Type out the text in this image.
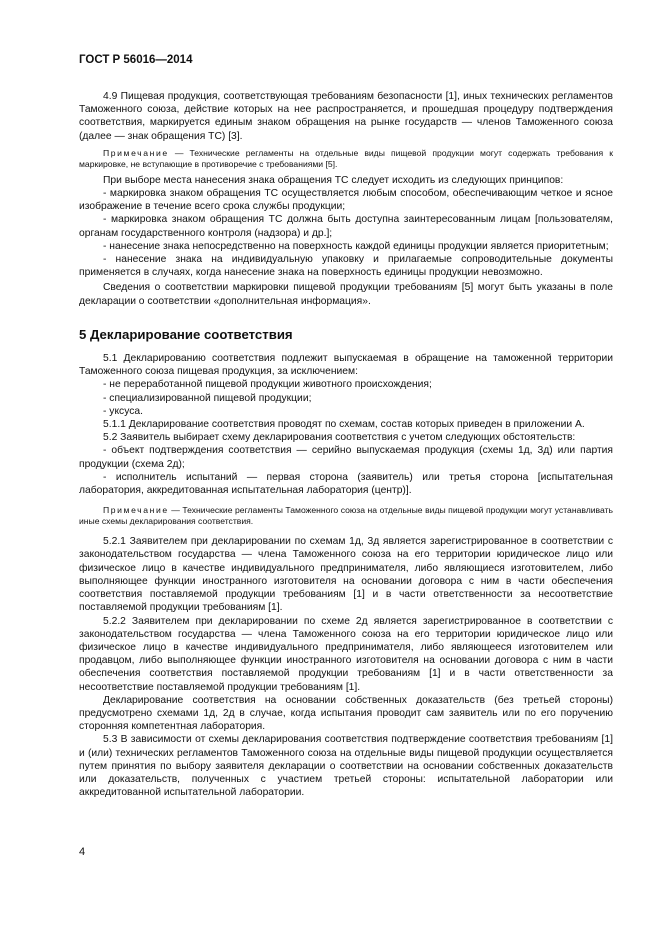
ГОСТ Р 56016—2014

4.9 Пищевая продукция, соответствующая требованиям безопасности [1], иных технических регламентов Таможенного союза, действие которых на нее распространяется, и прошедшая процедуру подтверждения соответствия, маркируется единым знаком обращения на рынке государств — членов Таможенного союза (далее — знак обращения ТС) [3].

Примечание — Технические регламенты на отдельные виды пищевой продукции могут содержать требования к маркировке, не вступающие в противоречие с требованиями [5].

При выборе места нанесения знака обращения ТС следует исходить из следующих принципов:

- маркировка знаком обращения ТС осуществляется любым способом, обеспечивающим четкое и ясное изображение в течение всего срока службы продукции;

- маркировка знаком обращения ТС должна быть доступна заинтересованным лицам [пользователям, органам государственного контроля (надзора) и др.];

- нанесение знака непосредственно на поверхность каждой единицы продукции является приоритетным;

- нанесение знака на индивидуальную упаковку и прилагаемые сопроводительные документы применяется в случаях, когда нанесение знака на поверхность единицы продукции невозможно.

Сведения о соответствии маркировки пищевой продукции требованиям [5] могут быть указаны в поле декларации о соответствии «дополнительная информация».

5 Декларирование соответствия

5.1 Декларированию соответствия подлежит выпускаемая в обращение на таможенной территории Таможенного союза пищевая продукция, за исключением:

- не переработанной пищевой продукции животного происхождения;

- специализированной пищевой продукции;

- уксуса.

5.1.1 Декларирование соответствия проводят по схемам, состав которых приведен в приложении А.

5.2 Заявитель выбирает схему декларирования соответствия с учетом следующих обстоятельств:

- объект подтверждения соответствия — серийно выпускаемая продукция (схемы 1д, 3д) или партия продукции (схема 2д);

- исполнитель испытаний — первая сторона (заявитель) или третья сторона [испытательная лаборатория, аккредитованная испытательная лаборатория (центр)].

Примечание — Технические регламенты Таможенного союза на отдельные виды пищевой продукции могут устанавливать иные схемы декларирования соответствия.

5.2.1 Заявителем при декларировании по схемам 1д, 3д является зарегистрированное в соответствии с законодательством государства — члена Таможенного союза на его территории юридическое лицо или физическое лицо в качестве индивидуального предпринимателя, либо являющиеся изготовителем, либо выполняющее функции иностранного изготовителя на основании договора с ним в части обеспечения соответствия поставляемой продукции требованиям [1] и в части ответственности за несоответствие поставляемой продукции требованиям [1].

5.2.2 Заявителем при декларировании по схеме 2д является зарегистрированное в соответствии с законодательством государства — члена Таможенного союза на его территории юридическое лицо или физическое лицо в качестве индивидуального предпринимателя, либо являющееся изготовителем или продавцом, либо выполняющее функции иностранного изготовителя на основании договора с ним в части обеспечения соответствия поставляемой продукции требованиям [1] и в части ответственности за несоответствие поставляемой продукции требованиям [1].

Декларирование соответствия на основании собственных доказательств (без третьей стороны) предусмотрено схемами 1д, 2д в случае, когда испытания проводит сам заявитель или по его поручению сторонняя компетентная лаборатория.

5.3 В зависимости от схемы декларирования соответствия подтверждение соответствия требованиям [1] и (или) технических регламентов Таможенного союза на отдельные виды пищевой продукции осуществляется путем принятия по выбору заявителя декларации о соответствии на основании собственных доказательств или доказательств, полученных с участием третьей стороны: испытательной лаборатории или аккредитованной испытательной лаборатории.

4
